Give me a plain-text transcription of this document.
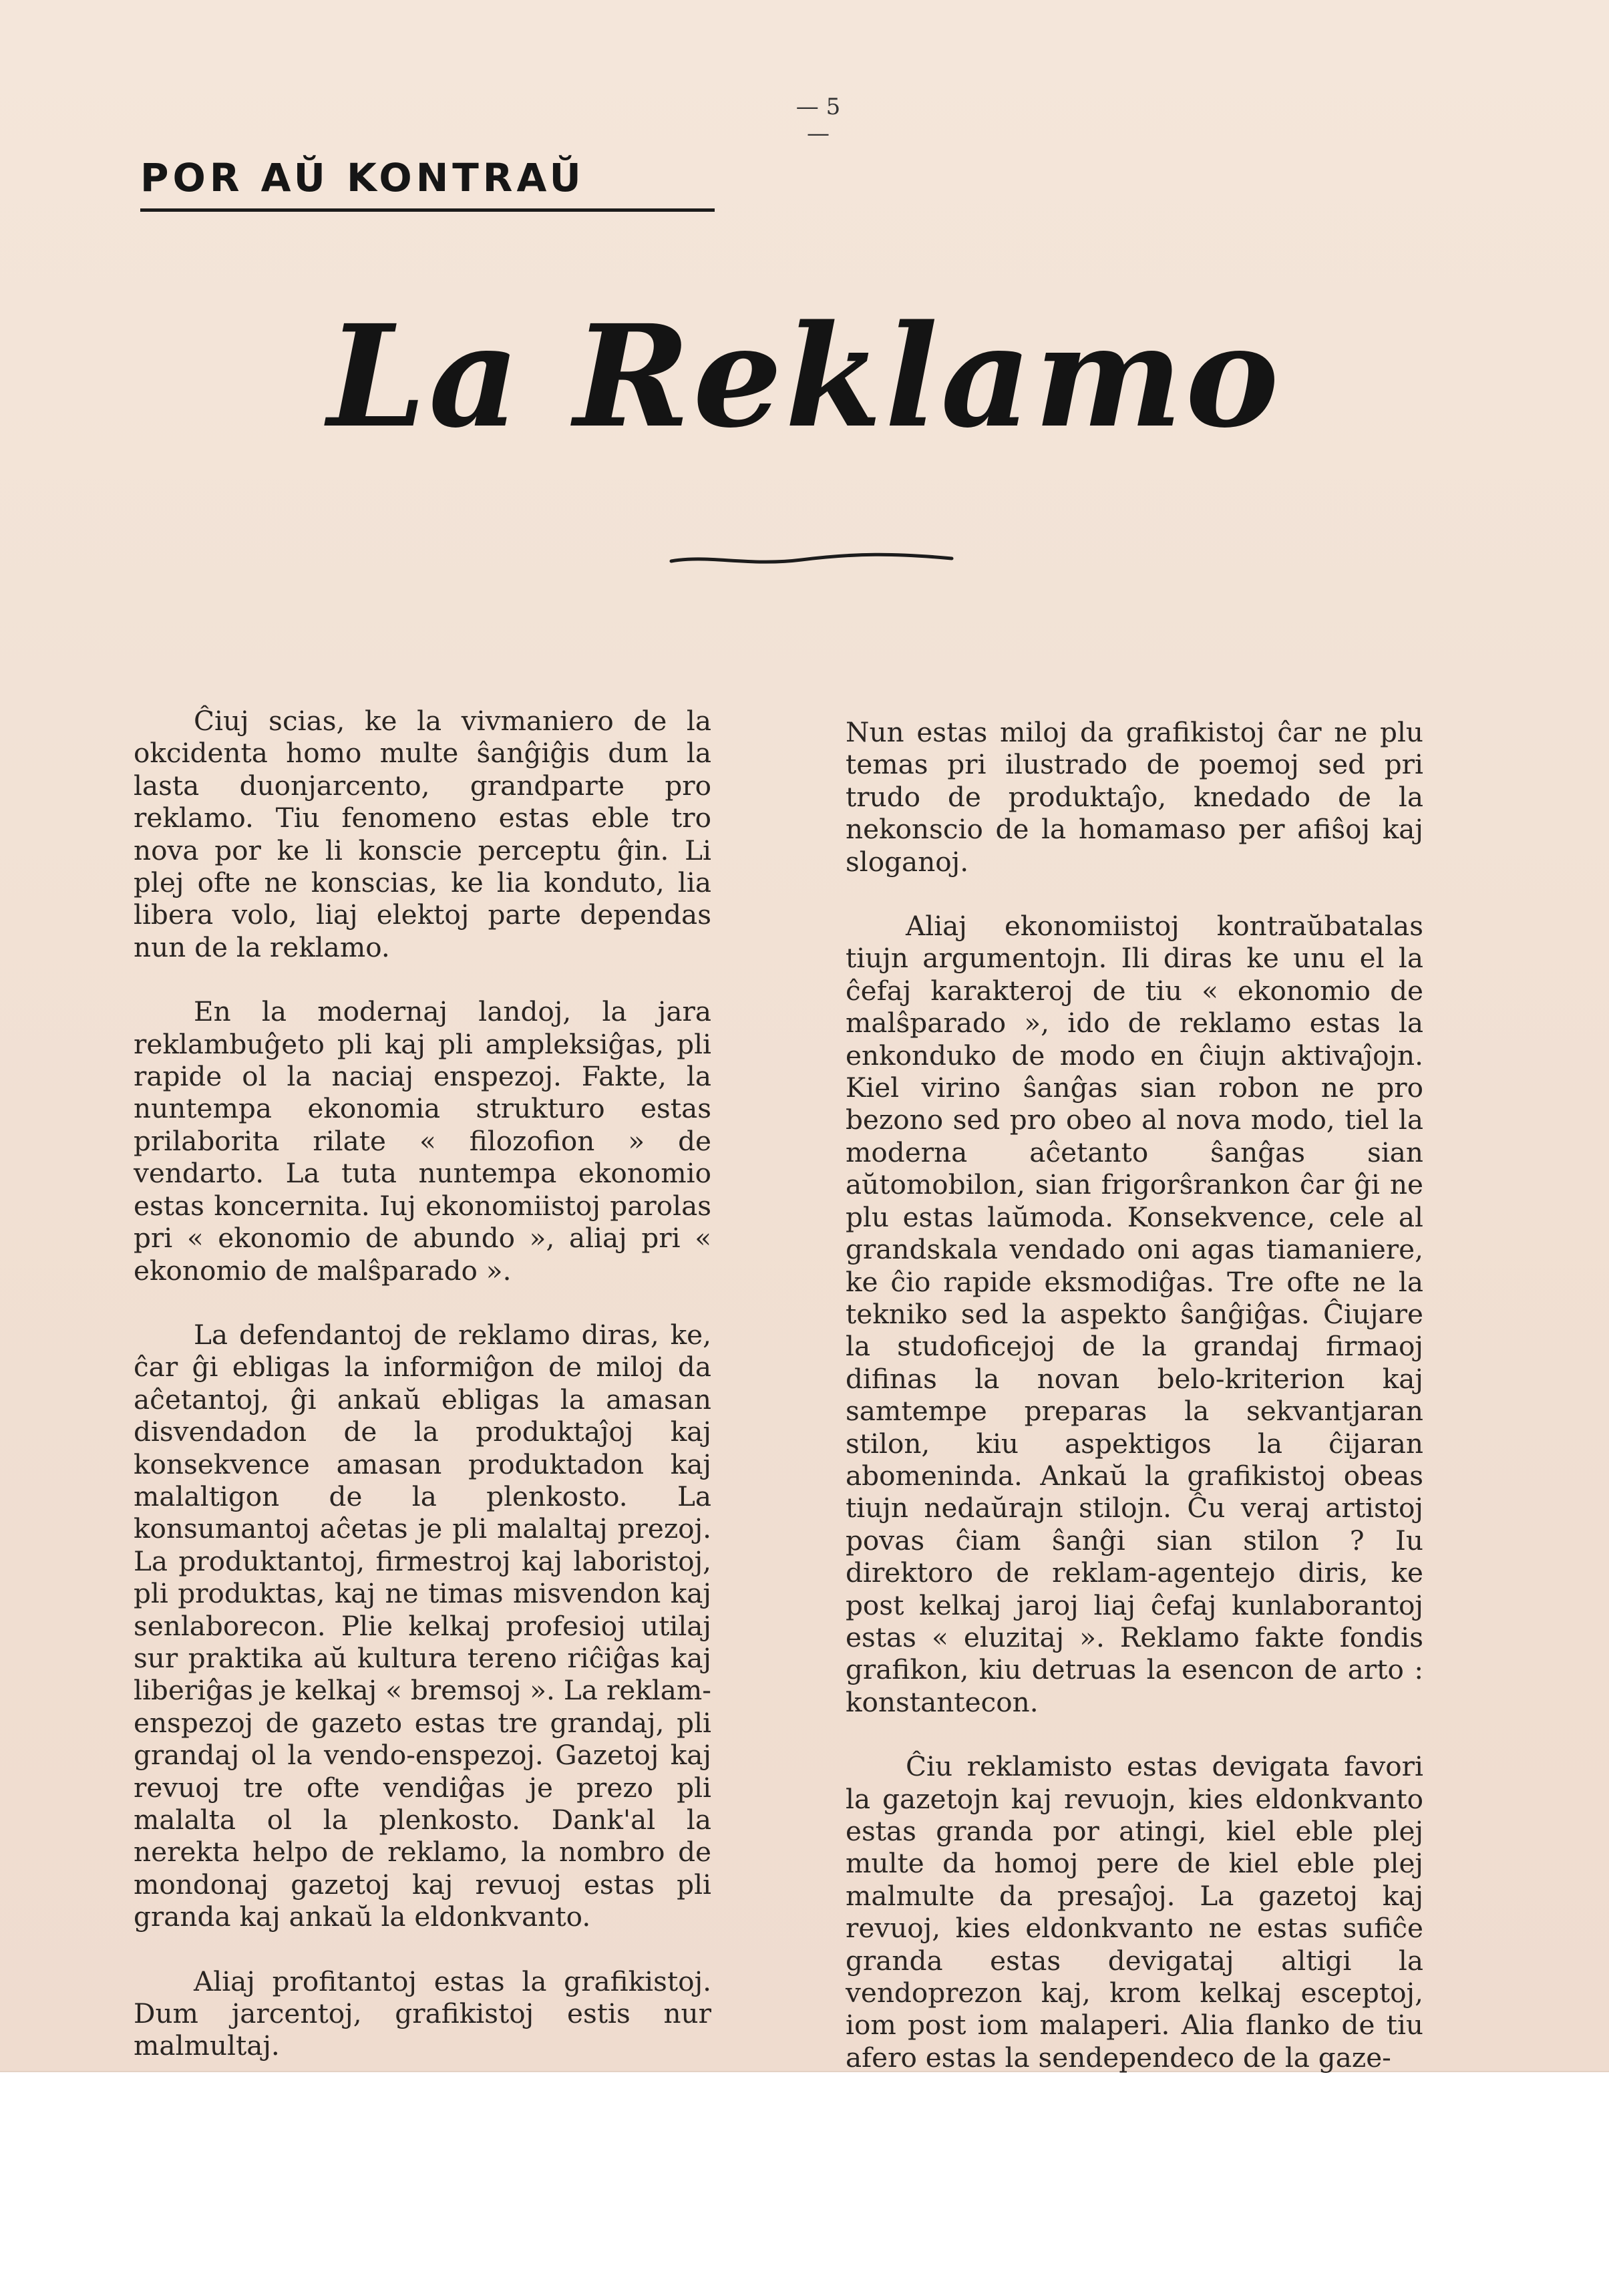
— 5 —
POR AŬ KONTRAŬ
La Reklamo

Ĉiuj scias, ke la vivmaniero de la okcidenta homo multe ŝanĝiĝis dum la lasta duonjarcento, grandparte pro reklamo. Tiu fenomeno estas eble tro nova por ke li konscie perceptu ĝin. Li plej ofte ne konscias, ke lia konduto, lia libera volo, liaj elektoj parte dependas nun de la reklamo.

En la modernaj landoj, la jara reklambuĝeto pli kaj pli ampleksiĝas, pli rapide ol la naciaj enspezoj. Fakte, la nuntempa ekonomia strukturo estas prilaborita rilate « filozofion » de vendarto. La tuta nuntempa ekonomio estas koncernita. Iuj ekonomiistoj parolas pri « ekonomio de abundo », aliaj pri « ekonomio de malŝparado ».

La defendantoj de reklamo diras, ke, ĉar ĝi ebligas la informiĝon de miloj da aĉetantoj, ĝi ankaŭ ebligas la amasan disvendadon de la produktaĵoj kaj konsekvence amasan produktadon kaj malaltigon de la plenkosto. La konsumantoj aĉetas je pli malaltaj prezoj. La produktantoj, firmestroj kaj laboristoj, pli produktas, kaj ne timas misvendon kaj senlaborecon. Plie kelkaj profesioj utilaj sur praktika aŭ kultura tereno riĉiĝas kaj liberiĝas je kelkaj « bremsoj ». La reklam-enspezoj de gazeto estas tre grandaj, pli grandaj ol la vendo-enspezoj. Gazetoj kaj revuoj tre ofte vendiĝas je prezo pli malalta ol la plenkosto. Dank'al la nerekta helpo de reklamo, la nombro de mondonaj gazetoj kaj revuoj estas pli granda kaj ankaŭ la eldonkvanto.

Aliaj profitantoj estas la grafikistoj. Dum jarcentoj, grafikistoj estis nur malmultaj.

Nun estas miloj da grafikistoj ĉar ne plu temas pri ilustrado de poemoj sed pri trudo de produktaĵo, knedado de la nekonscio de la homamaso per afiŝoj kaj sloganoj.

Aliaj ekonomiistoj kontraŭbatalas tiujn argumentojn. Ili diras ke unu el la ĉefaj karakteroj de tiu « ekonomio de malŝparado », ido de reklamo estas la enkonduko de modo en ĉiujn aktivaĵojn. Kiel virino ŝanĝas sian robon ne pro bezono sed pro obeo al nova modo, tiel la moderna aĉetanto ŝanĝas sian aŭtomobilon, sian frigorŝrankon ĉar ĝi ne plu estas laŭmoda. Konsekvence, cele al grandskala vendado oni agas tiamaniere, ke ĉio rapide eksmodiĝas. Tre ofte ne la tekniko sed la aspekto ŝanĝiĝas. Ĉiujare la studoficejoj de la grandaj firmaoj difinas la novan belo-kriterion kaj samtempe preparas la sekvantjaran stilon, kiu aspektigos la ĉijaran abomeninda. Ankaŭ la grafikistoj obeas tiujn nedaŭrajn stilojn. Ĉu veraj artistoj povas ĉiam ŝanĝi sian stilon ? Iu direktoro de reklam-agentejo diris, ke post kelkaj jaroj liaj ĉefaj kunlaborantoj estas « eluzitaj ». Reklamo fakte fondis grafikon, kiu detruas la esencon de arto : konstantecon.

Ĉiu reklamisto estas devigata favori la gazetojn kaj revuojn, kies eldonkvanto estas granda por atingi, kiel eble plej multe da homoj pere de kiel eble plej malmulte da presaĵoj. La gazetoj kaj revuoj, kies eldonkvanto ne estas sufiĉe granda estas devigataj altigi la vendoprezon kaj, krom kelkaj esceptoj, iom post iom malaperi. Alia flanko de tiu afero estas la sendependeco de la gaze-
